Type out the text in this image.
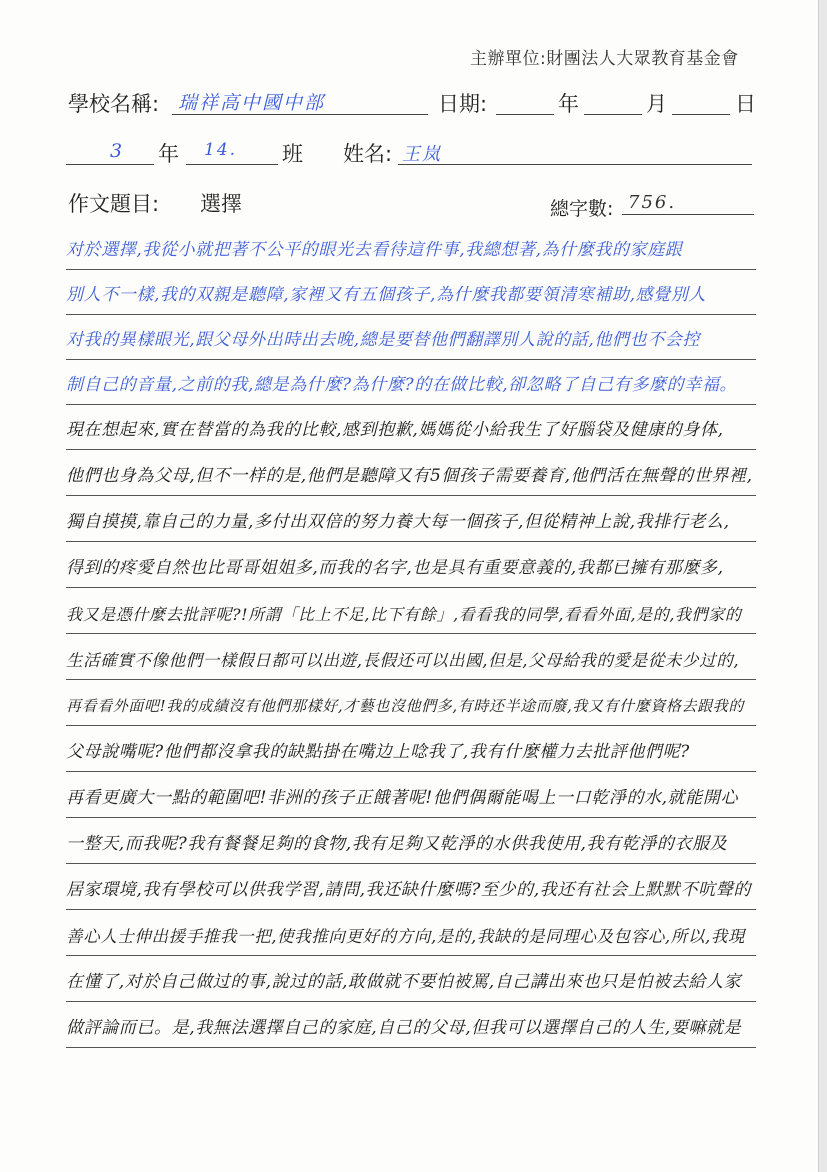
主辦單位:財團法人大眾教育基金會
學校名稱: 瑞祥高中國中部	日期:	年	月	日
3 年 14. 班 姓名: 王岚
作文題目: 選擇	總字數: 756.
对於選擇,我從小就把著不公平的眼光去看待這件事,我總想著,為什麼我的家庭跟
別人不一樣,我的双親是聽障,家裡又有五個孩子,為什麼我都要領清寒補助,感覺別人
对我的異樣眼光,跟父母外出時出去晚,總是要替他們翻譯別人說的話,他們也不会控
制自己的音量,之前的我,總是為什麼?為什麼?的在做比較,卻忽略了自己有多麼的幸福。
現在想起來,實在替當的為我的比較,感到抱歉,媽媽從小給我生了好腦袋及健康的身体,
他們也身為父母,但不一样的是,他們是聽障又有5個孩子需要養育,他們活在無聲的世界裡,
獨自摸摸,靠自己的力量,多付出双倍的努力養大每一個孩子,但從精神上說,我排行老么,
得到的疼愛自然也比哥哥姐姐多,而我的名字,也是具有重要意義的,我都已擁有那麼多,
我又是憑什麼去批評呢?!所謂「比上不足,比下有餘」,看看我的同學,看看外面,是的,我們家的
生活確實不像他們一樣假日都可以出遊,長假还可以出國,但是,父母給我的愛是從未少过的,
再看看外面吧!我的成績沒有他們那樣好,才藝也沒他們多,有時还半途而廢,我又有什麼資格去跟我的
父母說嘴呢?他們都沒拿我的缺點掛在嘴边上唸我了,我有什麼權力去批評他們呢?
再看更廣大一點的範圍吧!非洲的孩子正餓著呢!他們偶爾能喝上一口乾淨的水,就能開心
一整天,而我呢?我有餐餐足夠的食物,我有足夠又乾淨的水供我使用,我有乾淨的衣服及
居家環境,我有學校可以供我学習,請問,我还缺什麼嗎?至少的,我还有社会上默默不吭聲的
善心人士伸出援手推我一把,使我推向更好的方向,是的,我缺的是同理心及包容心,所以,我現
在懂了,对於自己做过的事,說过的話,敢做就不要怕被罵,自己講出來也只是怕被去給人家
做評論而已。是,我無法選擇自己的家庭,自己的父母,但我可以選擇自己的人生,要嘛就是
